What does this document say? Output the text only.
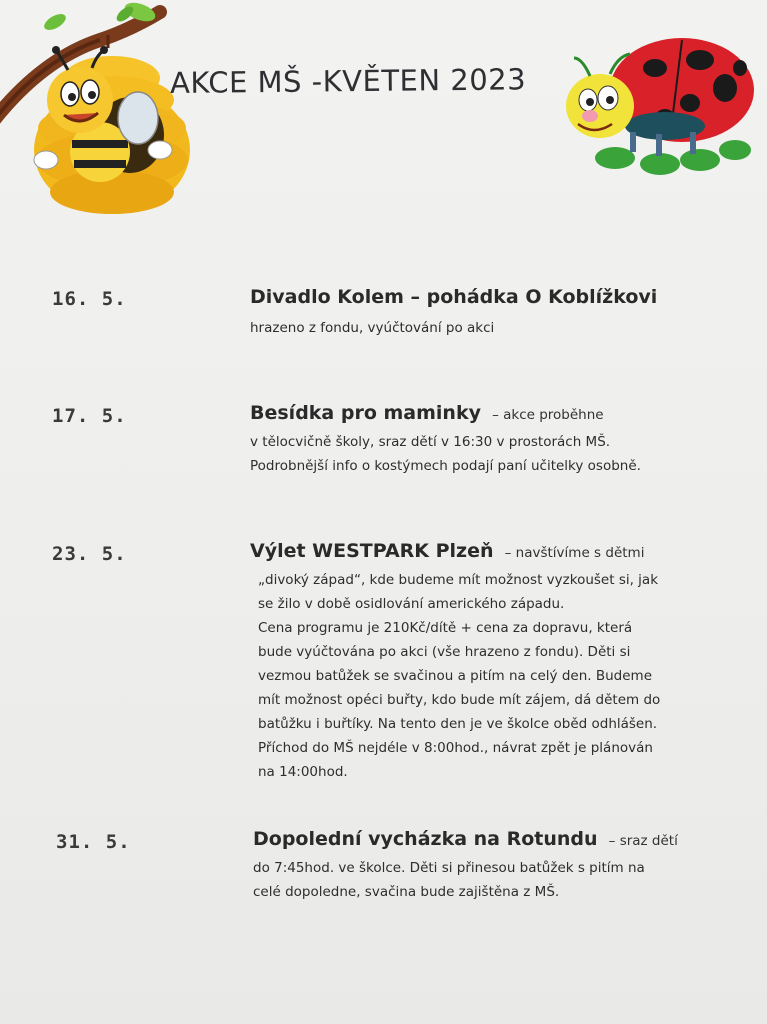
AKCE MŠ -KVĚTEN 2023
16. 5.	Divadlo Kolem – pohádka O Koblížkovi
hrazeno z fondu, vyúčtování po akci
17. 5.	Besídka pro maminky – akce proběhne
v tělocvičně školy, sraz dětí v 16:30 v prostorách MŠ.
Podrobnější info o kostýmech podají paní učitelky osobně.
23. 5.	Výlet WESTPARK Plzeň – navštívíme s dětmi
„divoký západ“, kde budeme mít možnost vyzkoušet si, jak
se žilo v době osidlování amerického západu.
Cena programu je 210Kč/dítě + cena za dopravu, která
bude vyúčtována po akci (vše hrazeno z fondu). Děti si
vezmou batůžek se svačinou a pitím na celý den. Budeme
mít možnost opéci buřty, kdo bude mít zájem, dá dětem do
batůžku i buřtíky. Na tento den je ve školce oběd odhlášen.
Příchod do MŠ nejdéle v 8:00hod., návrat zpět je plánován
na 14:00hod.
31. 5.	Dopolední vycházka na Rotundu – sraz dětí
do 7:45hod. ve školce. Děti si přinesou batůžek s pitím na
celé dopoledne, svačina bude zajištěna z MŠ.
